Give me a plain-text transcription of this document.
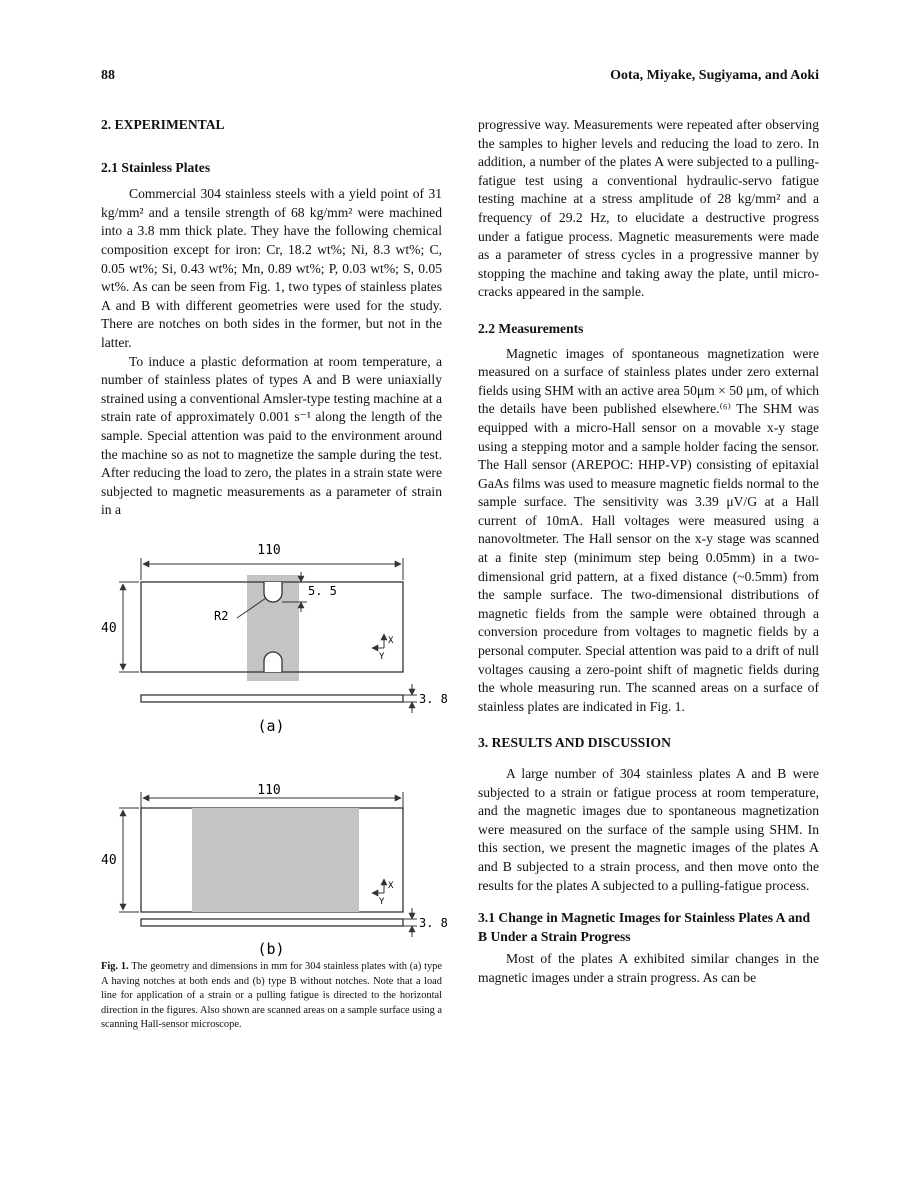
88	Oota, Miyake, Sugiyama, and Aoki
2. EXPERIMENTAL
2.1 Stainless Plates

Commercial 304 stainless steels with a yield point of 31 kg/mm² and a tensile strength of 68 kg/mm² were machined into a 3.8 mm thick plate. They have the following chemical composition except for iron: Cr, 18.2 wt%; Ni, 8.3 wt%; C, 0.05 wt%; Si, 0.43 wt%; Mn, 0.89 wt%; P, 0.03 wt%; S, 0.05 wt%. As can be seen from Fig. 1, two types of stainless plates A and B with different geometries were used for the study. There are notches on both sides in the former, but not in the latter.

To induce a plastic deformation at room temperature, a number of stainless plates of types A and B were uniaxially strained using a conventional Amsler-type testing machine at a strain rate of approximately 0.001 s⁻¹ along the length of the sample. Special attention was paid to the environment around the machine so as not to magnetize the sample during the test. After reducing the load to zero, the plates in a strain state were subjected to magnetic measurements as a parameter of strain in a

110
40
5. 5
R2
X
Y
3. 8
(a)
110
40
X
Y
3. 8
(b)
Fig. 1. The geometry and dimensions in mm for 304 stainless plates with (a) type A having notches at both ends and (b) type B without notches. Note that a load line for application of a strain or a pulling fatigue is directed to the horizontal direction in the figures. Also shown are scanned areas on a sample surface using a scanning Hall-sensor microscope.

progressive way. Measurements were repeated after observing the samples to higher levels and reducing the load to zero. In addition, a number of the plates A were subjected to a pulling-fatigue test using a conventional hydraulic-servo fatigue testing machine at a stress amplitude of 28 kg/mm² and a frequency of 29.2 Hz, to elucidate a destructive progress under a fatigue process. Magnetic measurements were made as a parameter of stress cycles in a progressive manner by stopping the machine and taking away the plate, until micro-cracks appeared in the sample.

2.2 Measurements

Magnetic images of spontaneous magnetization were measured on a surface of stainless plates under zero external fields using SHM with an active area 50μm × 50 μm, of which the details have been published elsewhere.⁽⁶⁾ The SHM was equipped with a micro-Hall sensor on a movable x-y stage using a stepping motor and a sample holder facing the sensor. The Hall sensor (AREPOC: HHP-VP) consisting of epitaxial GaAs films was used to measure magnetic fields normal to the sample surface. The sensitivity was 3.39 μV/G at a Hall current of 10mA. Hall voltages were measured using a nanovoltmeter. The Hall sensor on the x-y stage was scanned at a finite step (minimum step being 0.05mm) in a two-dimensional grid pattern, at a fixed distance (~0.5mm) from the sample surface. The two-dimensional distributions of magnetic fields from the sample were obtained through a conversion procedure from voltages to magnetic fields by a personal computer. Special attention was paid to a drift of null voltages causing a zero-point shift of magnetic fields during the whole measuring run. The scanned areas on a surface of stainless plates are indicated in Fig. 1.

3. RESULTS AND DISCUSSION

A large number of 304 stainless plates A and B were subjected to a strain or fatigue process at room temperature, and the magnetic images due to spontaneous magnetization were measured on the surface of the sample using SHM. In this section, we present the magnetic images of the plates A and B subjected to a strain process, and then move onto the results for the plates A subjected to a pulling-fatigue process.

3.1 Change in Magnetic Images for Stainless Plates A and B Under a Strain Progress

Most of the plates A exhibited similar changes in the magnetic images under a strain progress. As can be
